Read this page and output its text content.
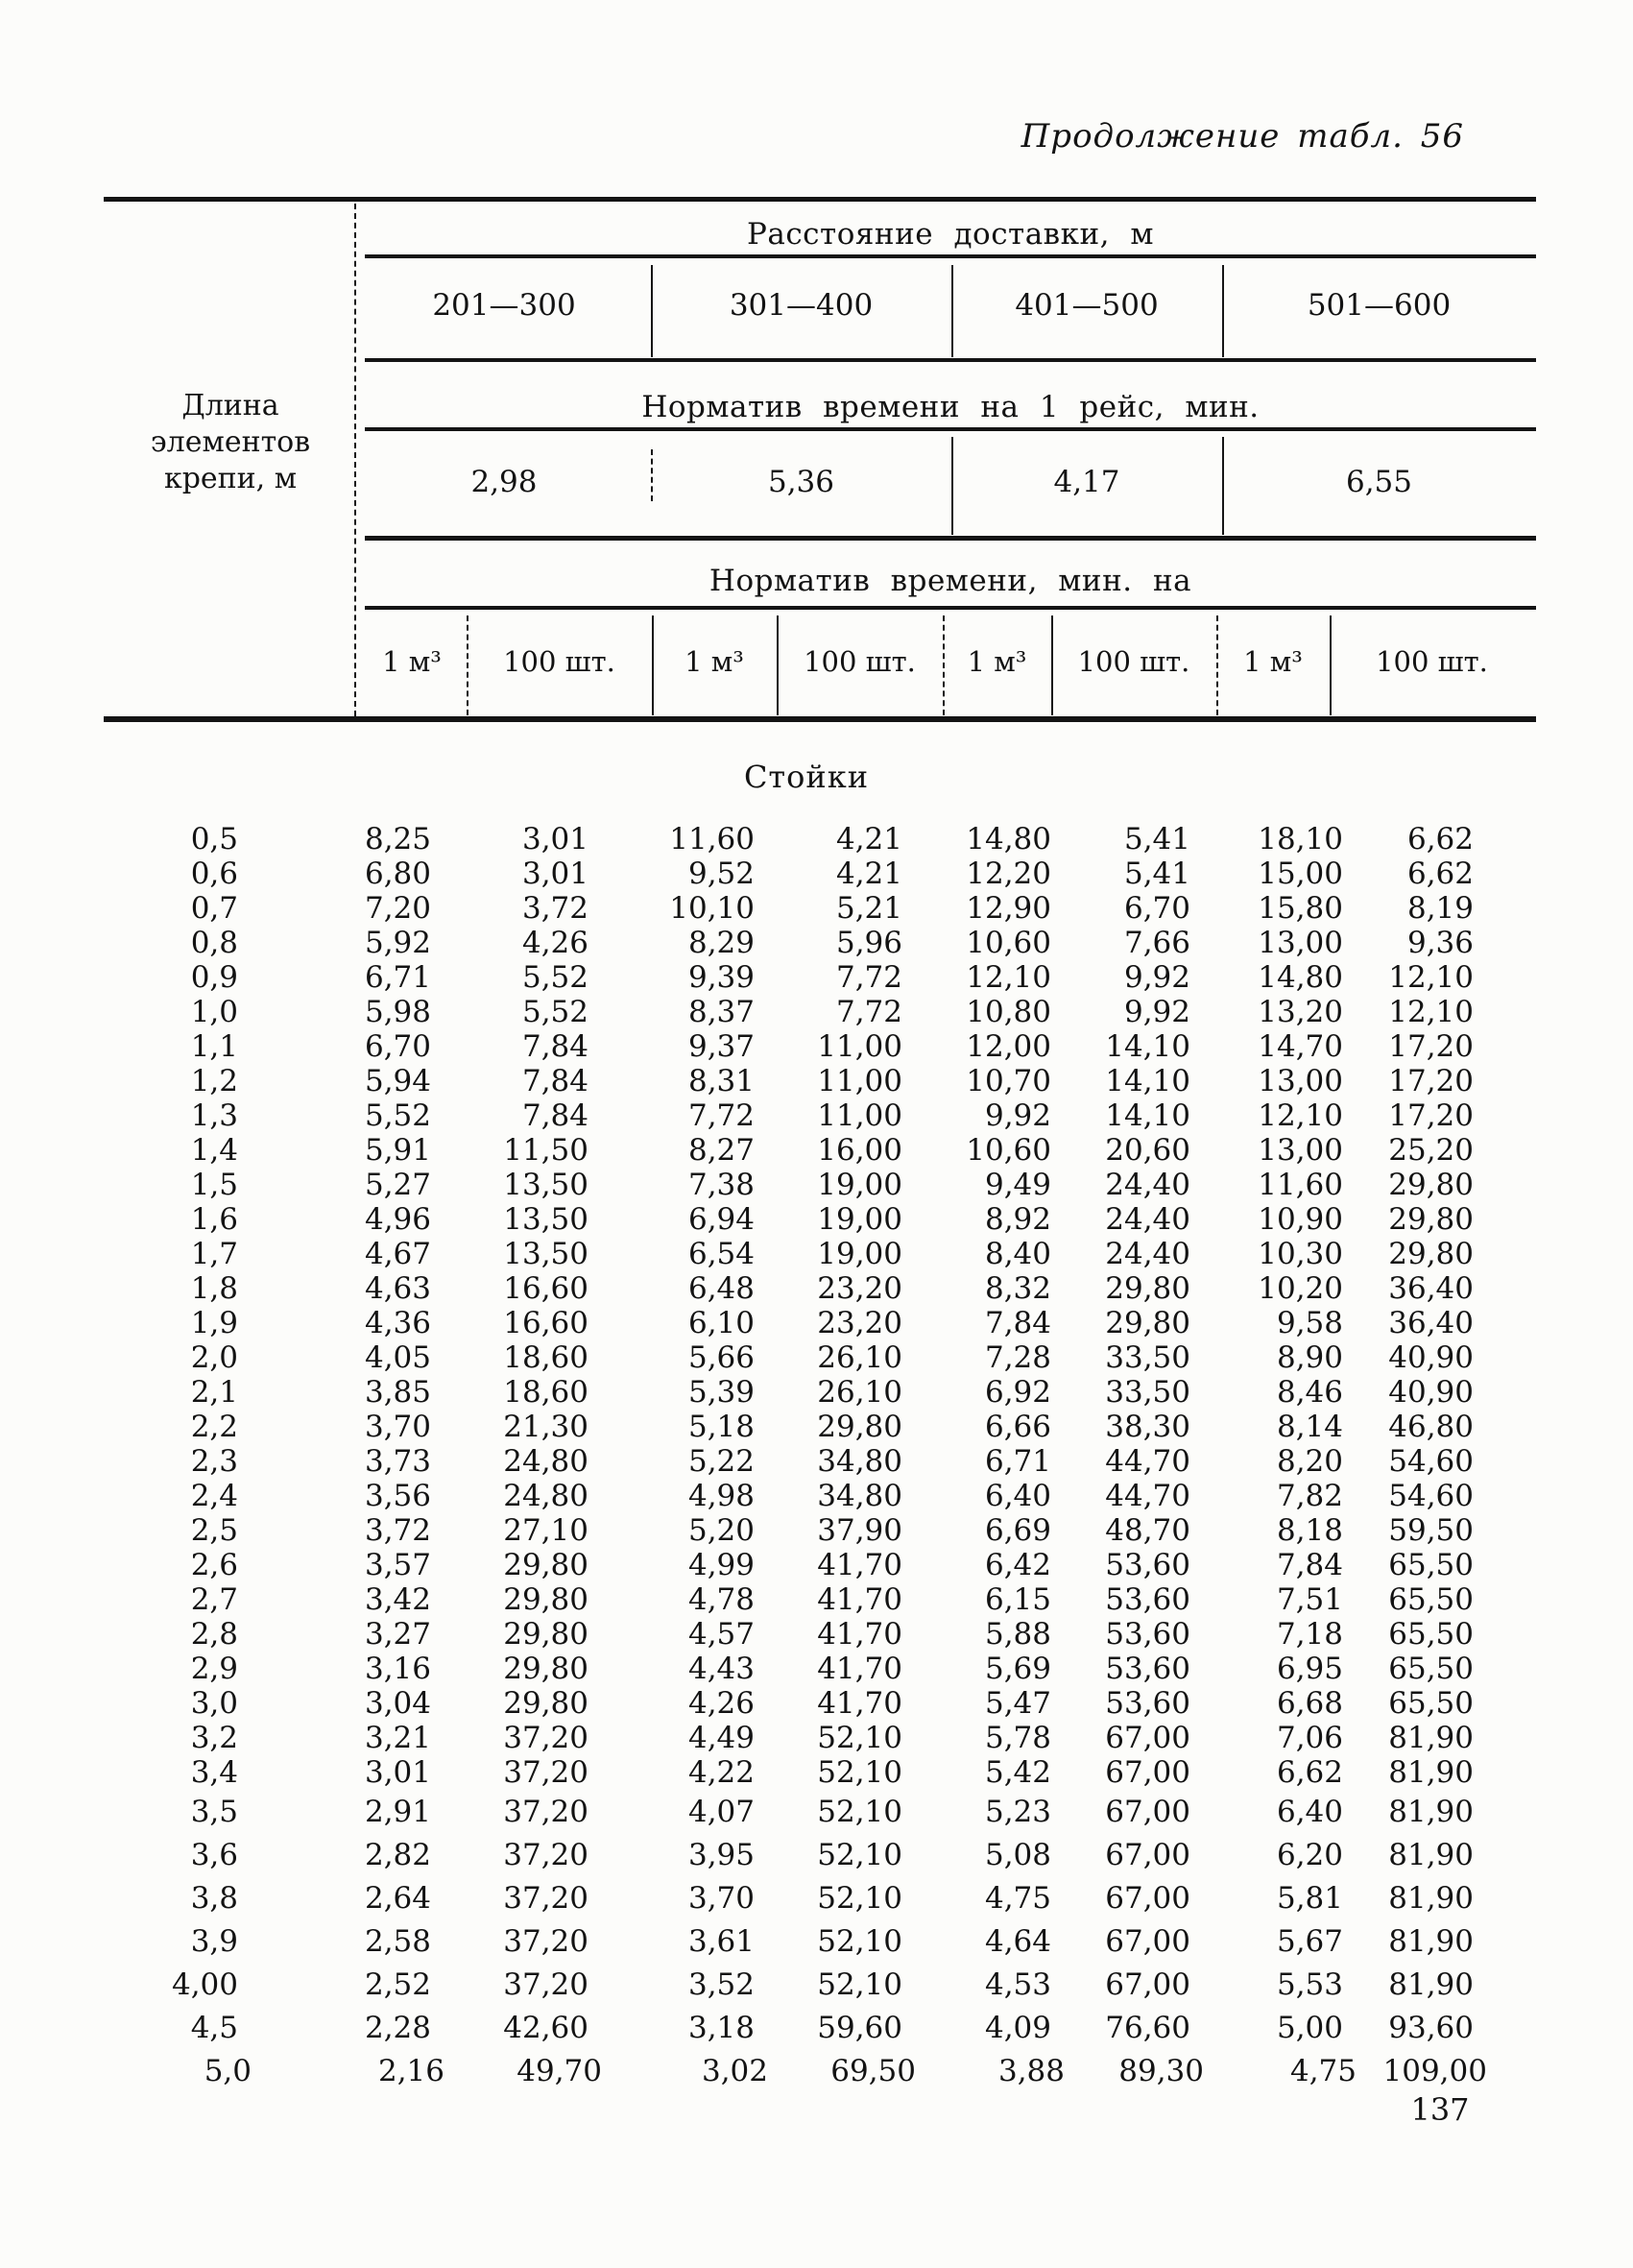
Продолжение табл. 56
Длина элементов крепи, м
Расстояние доставки, м
201—300	301—400	401—500	501—600
Норматив времени на 1 рейс, мин.
2,98	5,36	4,17	6,55
Норматив времени, мин. на
1 м³	100 шт.	1 м³	100 шт.	1 м³	100 шт.	1 м³	100 шт.
Стойки
0,5	8,25	3,01	11,60	4,21	14,80	5,41	18,10	6,62
0,6	6,80	3,01	9,52	4,21	12,20	5,41	15,00	6,62
0,7	7,20	3,72	10,10	5,21	12,90	6,70	15,80	8,19
0,8	5,92	4,26	8,29	5,96	10,60	7,66	13,00	9,36
0,9	6,71	5,52	9,39	7,72	12,10	9,92	14,80	12,10
1,0	5,98	5,52	8,37	7,72	10,80	9,92	13,20	12,10
1,1	6,70	7,84	9,37	11,00	12,00	14,10	14,70	17,20
1,2	5,94	7,84	8,31	11,00	10,70	14,10	13,00	17,20
1,3	5,52	7,84	7,72	11,00	9,92	14,10	12,10	17,20
1,4	5,91	11,50	8,27	16,00	10,60	20,60	13,00	25,20
1,5	5,27	13,50	7,38	19,00	9,49	24,40	11,60	29,80
1,6	4,96	13,50	6,94	19,00	8,92	24,40	10,90	29,80
1,7	4,67	13,50	6,54	19,00	8,40	24,40	10,30	29,80
1,8	4,63	16,60	6,48	23,20	8,32	29,80	10,20	36,40
1,9	4,36	16,60	6,10	23,20	7,84	29,80	9,58	36,40
2,0	4,05	18,60	5,66	26,10	7,28	33,50	8,90	40,90
2,1	3,85	18,60	5,39	26,10	6,92	33,50	8,46	40,90
2,2	3,70	21,30	5,18	29,80	6,66	38,30	8,14	46,80
2,3	3,73	24,80	5,22	34,80	6,71	44,70	8,20	54,60
2,4	3,56	24,80	4,98	34,80	6,40	44,70	7,82	54,60
2,5	3,72	27,10	5,20	37,90	6,69	48,70	8,18	59,50
2,6	3,57	29,80	4,99	41,70	6,42	53,60	7,84	65,50
2,7	3,42	29,80	4,78	41,70	6,15	53,60	7,51	65,50
2,8	3,27	29,80	4,57	41,70	5,88	53,60	7,18	65,50
2,9	3,16	29,80	4,43	41,70	5,69	53,60	6,95	65,50
3,0	3,04	29,80	4,26	41,70	5,47	53,60	6,68	65,50
3,2	3,21	37,20	4,49	52,10	5,78	67,00	7,06	81,90
3,4	3,01	37,20	4,22	52,10	5,42	67,00	6,62	81,90
3,5	2,91	37,20	4,07	52,10	5,23	67,00	6,40	81,90
3,6	2,82	37,20	3,95	52,10	5,08	67,00	6,20	81,90
3,8	2,64	37,20	3,70	52,10	4,75	67,00	5,81	81,90
3,9	2,58	37,20	3,61	52,10	4,64	67,00	5,67	81,90
4,00	2,52	37,20	3,52	52,10	4,53	67,00	5,53	81,90
4,5	2,28	42,60	3,18	59,60	4,09	76,60	5,00	93,60
5,0	2,16	49,70	3,02	69,50	3,88	89,30	4,75	109,00
137
